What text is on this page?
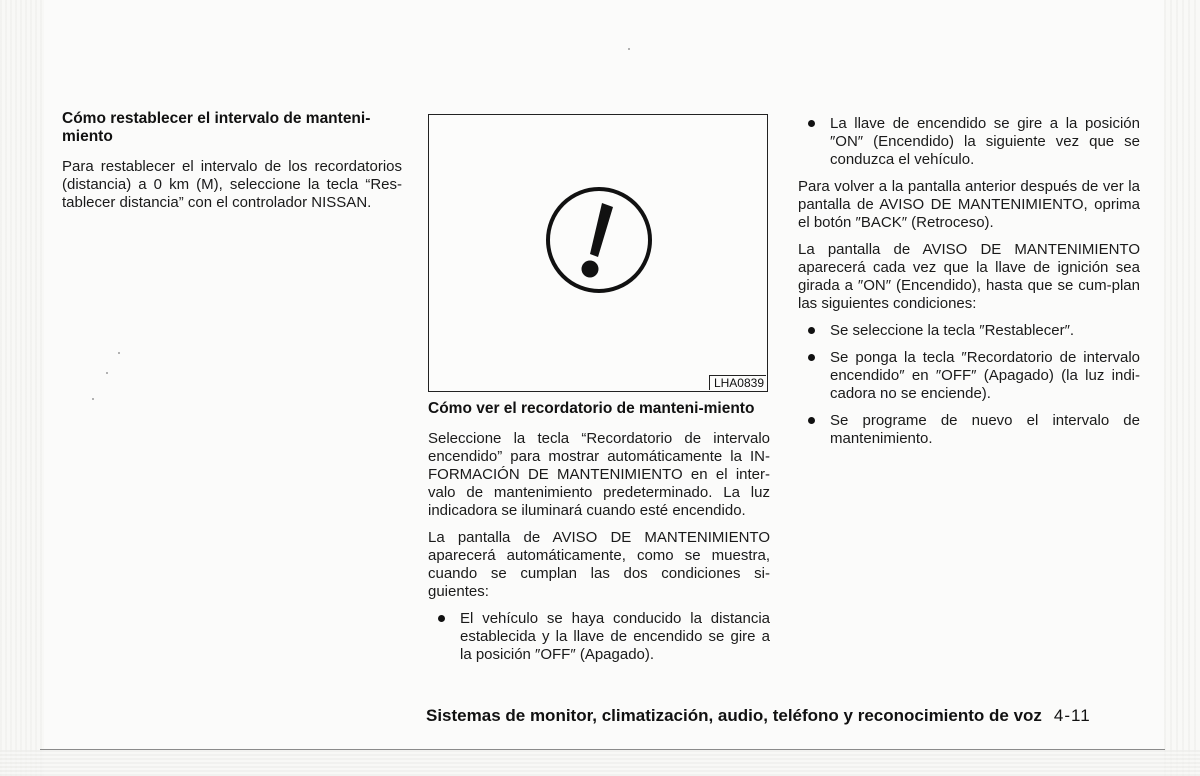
Cómo restablecer el intervalo de manteni-miento

Para restablecer el intervalo de los recordatorios (distancia) a 0 km (M), seleccione la tecla “Res-tablecer distancia” con el controlador NISSAN.

LHA0839
Cómo ver el recordatorio de manteni-miento

Seleccione la tecla “Recordatorio de intervalo encendido” para mostrar automáticamente la IN-FORMACIÓN DE MANTENIMIENTO en el inter-valo de mantenimiento predeterminado. La luz indicadora se iluminará cuando esté encendido.

La pantalla de AVISO DE MANTENIMIENTO aparecerá automáticamente, como se muestra, cuando se cumplan las dos condiciones si-guientes:

El vehículo se haya conducido la distancia establecida y la llave de encendido se gire a la posición ″OFF″ (Apagado).
La llave de encendido se gire a la posición ″ON″ (Encendido) la siguiente vez que se conduzca el vehículo.

Para volver a la pantalla anterior después de ver la pantalla de AVISO DE MANTENIMIENTO, oprima el botón ″BACK″ (Retroceso).

La pantalla de AVISO DE MANTENIMIENTO aparecerá cada vez que la llave de ignición sea girada a ″ON″ (Encendido), hasta que se cum-plan las siguientes condiciones:

Se seleccione la tecla ″Restablecer″.
Se ponga la tecla ″Recordatorio de intervalo encendido″ en ″OFF″ (Apagado) (la luz indi-cadora no se enciende).
Se programe de nuevo el intervalo de mantenimiento.
Sistemas de monitor, climatización, audio, teléfono y reconocimiento de voz 4-11
